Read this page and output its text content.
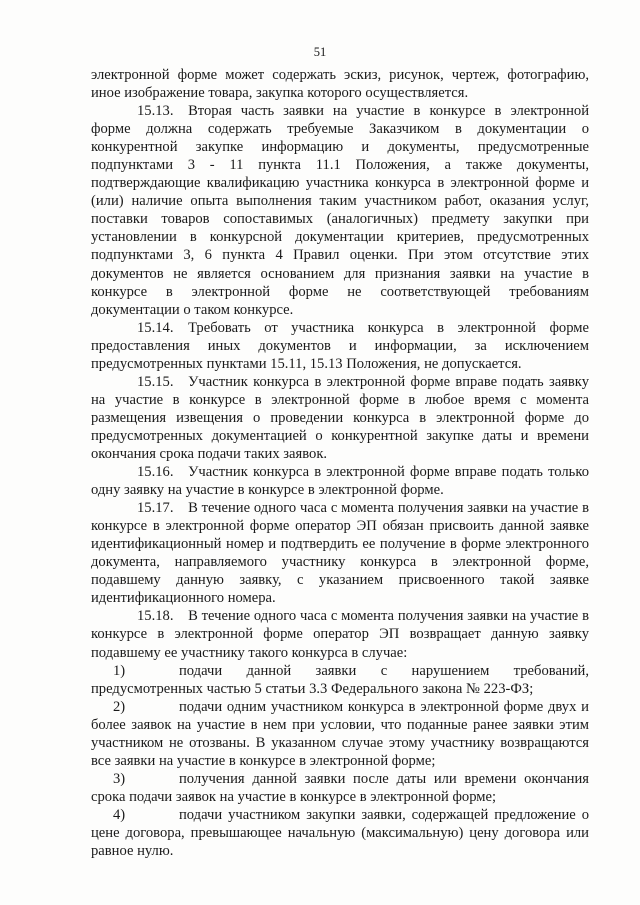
51

электронной форме может содержать эскиз, рисунок, чертеж, фотографию, иное изображение товара, закупка которого осуществляется.

15.13. Вторая часть заявки на участие в конкурсе в электронной форме должна содержать требуемые Заказчиком в документации о конкурентной закупке информацию и документы, предусмотренные подпунктами 3 - 11 пункта 11.1 Положения, а также документы, подтверждающие квалификацию участника конкурса в электронной форме и (или) наличие опыта выполнения таким участником работ, оказания услуг, поставки товаров сопоставимых (аналогичных) предмету закупки при установлении в конкурсной документации критериев, предусмотренных подпунктами 3, 6 пункта 4 Правил оценки. При этом отсутствие этих документов не является основанием для признания заявки на участие в конкурсе в электронной форме не соответствующей требованиям документации о таком конкурсе.

15.14. Требовать от участника конкурса в электронной форме предоставления иных документов и информации, за исключением предусмотренных пунктами 15.11, 15.13 Положения, не допускается.

15.15. Участник конкурса в электронной форме вправе подать заявку на участие в конкурсе в электронной форме в любое время с момента размещения извещения о проведении конкурса в электронной форме до предусмотренных документацией о конкурентной закупке даты и времени окончания срока подачи таких заявок.

15.16. Участник конкурса в электронной форме вправе подать только одну заявку на участие в конкурсе в электронной форме.

15.17. В течение одного часа с момента получения заявки на участие в конкурсе в электронной форме оператор ЭП обязан присвоить данной заявке идентификационный номер и подтвердить ее получение в форме электронного документа, направляемого участнику конкурса в электронной форме, подавшему данную заявку, с указанием присвоенного такой заявке идентификационного номера.

15.18. В течение одного часа с момента получения заявки на участие в конкурсе в электронной форме оператор ЭП возвращает данную заявку подавшему ее участнику такого конкурса в случае:

1)	подачи данной заявки с нарушением требований, предусмотренных частью 5 статьи 3.3 Федерального закона № 223-ФЗ;

2)	подачи одним участником конкурса в электронной форме двух и более заявок на участие в нем при условии, что поданные ранее заявки этим участником не отозваны. В указанном случае этому участнику возвращаются все заявки на участие в конкурсе в электронной форме;

3)	получения данной заявки после даты или времени окончания срока подачи заявок на участие в конкурсе в электронной форме;

4)	подачи участником закупки заявки, содержащей предложение о цене договора, превышающее начальную (максимальную) цену договора или равное нулю.
